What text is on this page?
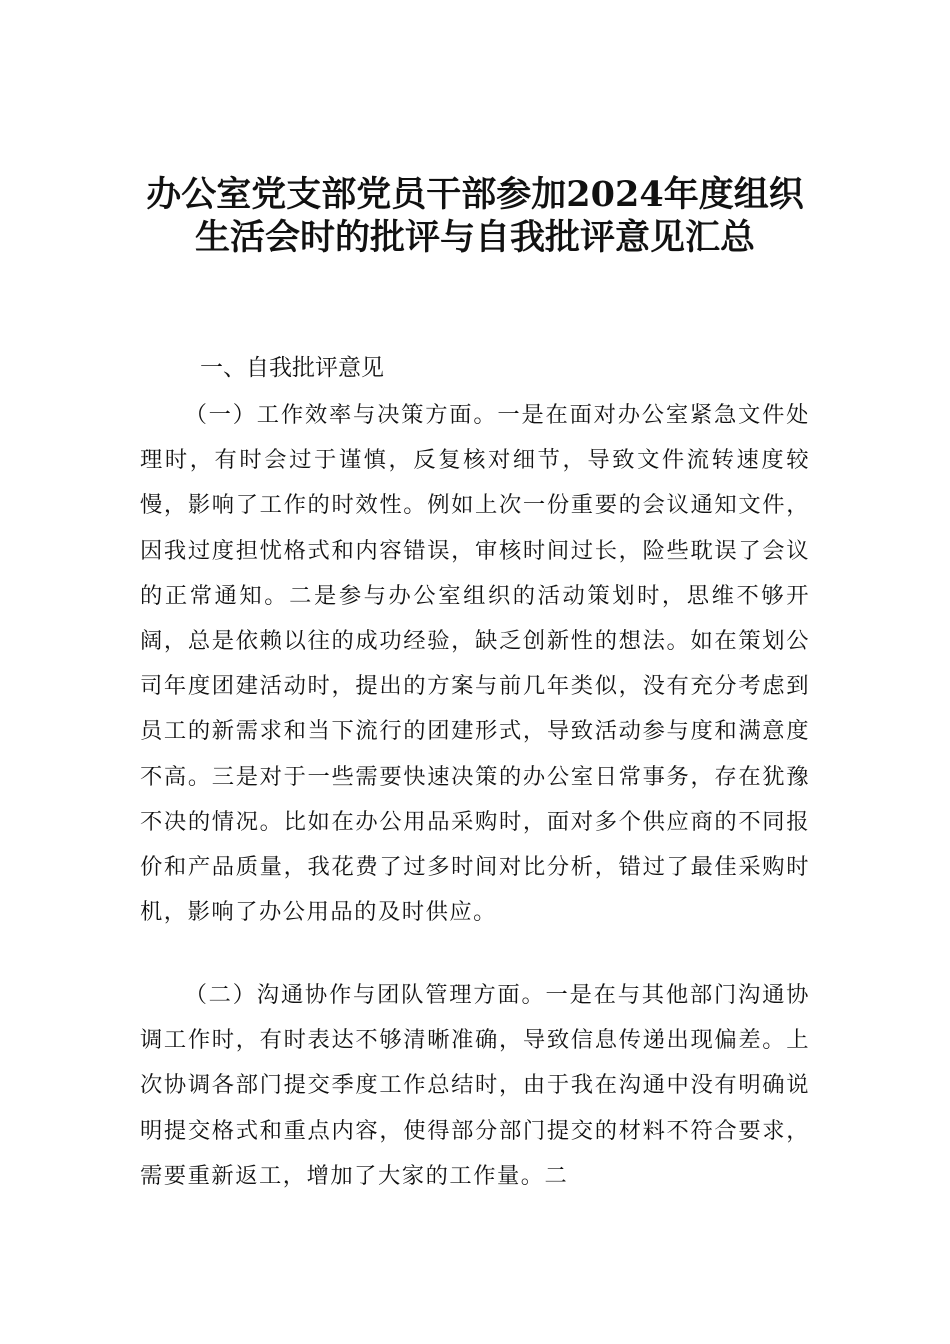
办公室党支部党员干部参加2024年度组织
生活会时的批评与自我批评意见汇总
一、自我批评意见

（一）工作效率与决策方面。一是在面对办公室紧急文件处理时，有时会过于谨慎，反复核对细节，导致文件流转速度较慢，影响了工作的时效性。例如上次一份重要的会议通知文件，因我过度担忧格式和内容错误，审核时间过长，险些耽误了会议的正常通知。二是参与办公室组织的活动策划时，思维不够开阔，总是依赖以往的成功经验，缺乏创新性的想法。如在策划公司年度团建活动时，提出的方案与前几年类似，没有充分考虑到员工的新需求和当下流行的团建形式，导致活动参与度和满意度不高。三是对于一些需要快速决策的办公室日常事务，存在犹豫不决的情况。比如在办公用品采购时，面对多个供应商的不同报价和产品质量，我花费了过多时间对比分析，错过了最佳采购时机，影响了办公用品的及时供应。

（二）沟通协作与团队管理方面。一是在与其他部门沟通协调工作时，有时表达不够清晰准确，导致信息传递出现偏差。上次协调各部门提交季度工作总结时，由于我在沟通中没有明确说明提交格式和重点内容，使得部分部门提交的材料不符合要求，需要重新返工，增加了大家的工作量。二
